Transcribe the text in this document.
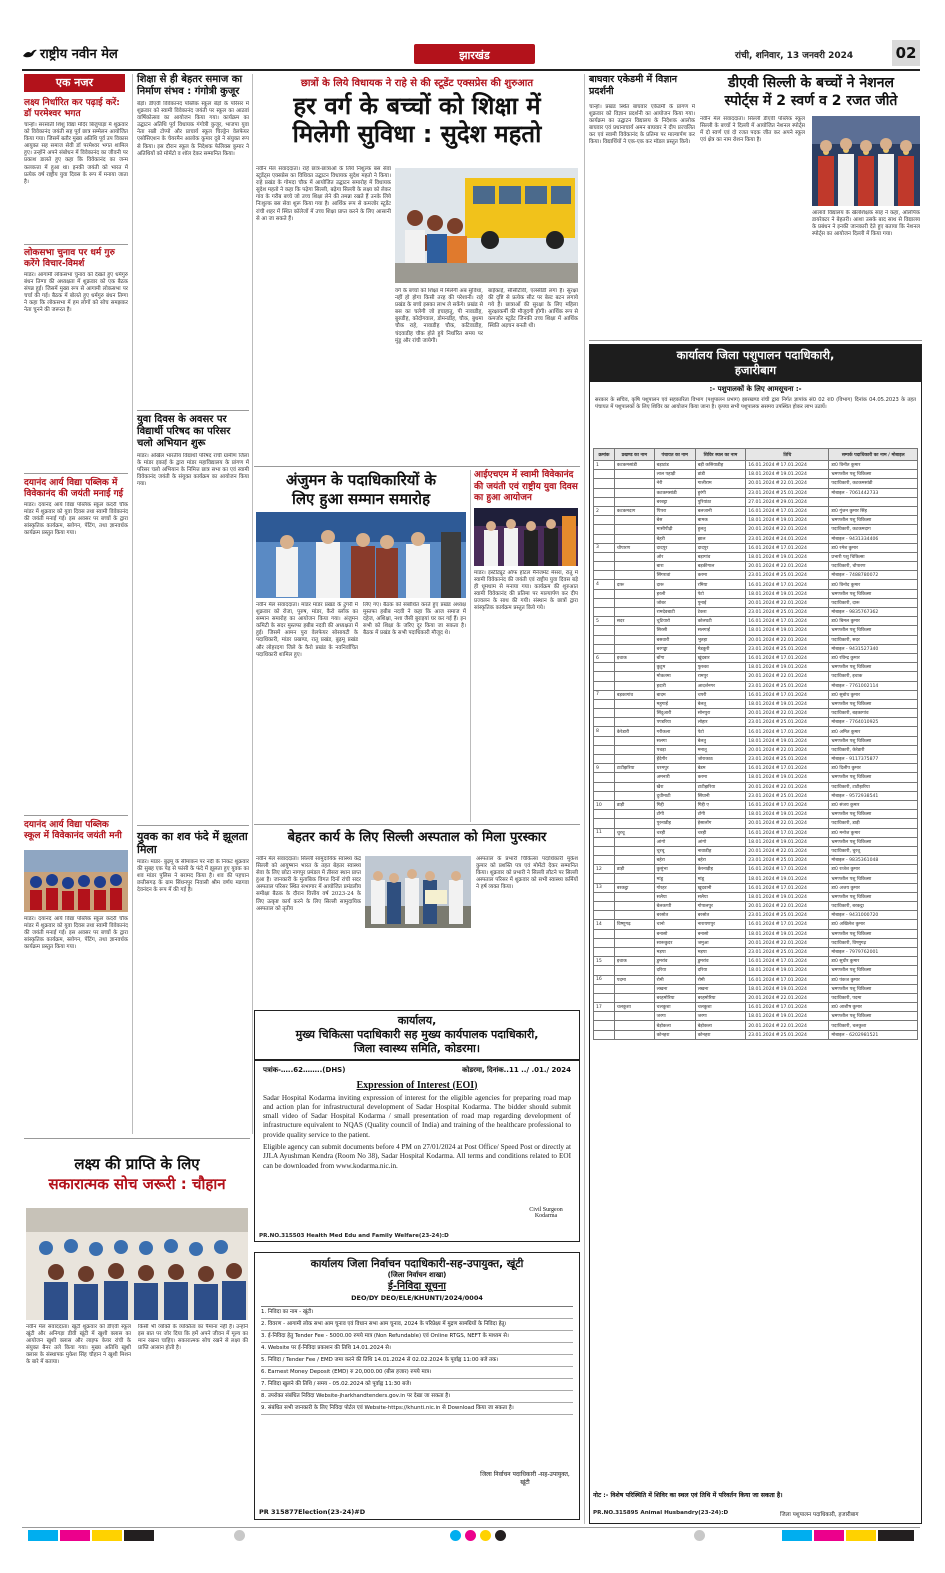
राष्ट्रीय नवीन मेल	झारखंड	रांची, शनिवार, 13 जनवरी 2024	02
एक नजर
लक्ष्य निर्धारित कर पढ़ाई करें: डॉ परमेश्वर भगत
चान्हो। सरस्वती शिशु विद्या मंदिर बिजुपाड़ा में शुक्रवार को विवेकानंद जयंती सह पूर्व छात्र सम्मेलन आयोजित किया गया। जिसमें बतौर मुख्य अतिथि पूर्व उप विकास आयुक्त सह समाज सेवी डॉ परमेश्वर भगत शामिल हुए। उन्होंने अपने संबोधन में विवेकानंद का जीवनी पर प्रकाश डालते हुए कहा कि विवेकानंद का जन्म कलकत्ता में हुआ था। इनकी जयंती को भारत में प्रत्येक वर्ष राष्ट्रीय युवा दिवस के रूप में मनाया जाता है।
लोकसभा चुनाव पर धर्म गुरु करेंगे विचार-विमर्श
मांडर। आगामी लोकसभा चुनाव को देखते हुए धर्मगुरु बंधन तिग्गा की अध्यक्षता में शुक्रवार को एक बैठक संपन्न हुई। जिसमें मुख्य रूप से आगामी लोकसभा पर चर्चा की गई। बैठक में बोलते हुए धर्मगुरु बंधन तिग्गा ने कहा कि लोकसभा में हम लोगों को सोच समझकर नेता चुनने की जरूरत है।
दयानंद आर्य विद्या पब्लिक में विवेकानंद की जयंती मनाई गई
मांडर। दयानंद आर्य विद्या पब्लिक स्कूल कंदरी चौक मांडर में शुक्रवार को युवा दिवस तथा स्वामी विवेकानंद की जयंती मनाई गई। इस अवसर पर बच्चों के द्वारा सांस्कृतिक कार्यक्रम, स्लोगन, पेंटिंग, तथा ज्ञानवर्धक कार्यक्रम प्रस्तुत किया गया।
दयानंद आर्य विद्या पब्लिक स्कूल में विवेकानंद जयंती मनी
मांडर। दयानंद आर्य विद्या पब्लिक स्कूल कंदरी चौक मांडर में शुक्रवार को युवा दिवस तथा स्वामी विवेकानंद की जयंती मनाई गई। इस अवसर पर बच्चों के द्वारा सांस्कृतिक कार्यक्रम, स्लोगन, पेंटिंग, तथा ज्ञानवर्धक कार्यक्रम प्रस्तुत किया गया।
शिक्षा से ही बेहतर समाज का निर्माण संभव : गंगोत्री कुजूर
बेड़ो। डीएवी विवेकानंद पब्लिक स्कूल बेड़ो के परिसर में शुक्रवार को स्वामी विवेकानंद जयंती पर स्कूल का आठवां वार्षिकोत्सव का आयोजन किया गया। कार्यक्रम का उद्घाटन अतिथि पूर्व विधायक गंगोत्री कुजूर, भाजपा युवा नेता सन्नी टोप्पो और प्राचार्य स्कूल चिल्ड्रेन वेलफेयर एसोसिएशन के चेयरमैन आलोक कुमार दूबे ने संयुक्त रूप से किया। इस दौरान स्कूल के निदेशक फेलिक्स कुमार ने अतिथियों को मोमेंटो व शॉल देकर सम्मानित किया।
युवा दिवस के अवसर पर विद्यार्थी परिषद का परिसर चलो अभियान शुरू
मांडर। अखिल भारतीय विद्यार्थी परिषद रांची ग्रामीण जिला के मांडर इकाई के द्वारा मांडर महाविद्यालय के प्रांगण में परिसर चलो अभियान के निमित्त छात्र सभा का एवं स्वामी विवेकानंद जयंती के संयुक्त कार्यक्रम का आयोजन किया गया।
युवक का शव फंदे में झूलता मिला
मांडर। मांडर- बुढ़मू के सीमांकन पर नदी के निकट शुक्रवार की सुबह एक पेड़ से फांसी के फंदे में झूलता हुए युवक का शव मांडर पुलिस ने बरामद किया है। शव की पहचान छत्तीसगढ़ के ग्राम सिंधनपुर निवासी श्रीम वर्णय मडगवा देवनंदन के रूप में की गई है।
छात्रों के लिये विधायक ने राहे से की स्टूडेंट एक्सप्रेस की शुरुआत
हर वर्ग के बच्चों को शिक्षा में
मिलेगी सुविधा : सुदेश महतो
नवीन मेल संवाददाता। राहे छात्र-छात्राओं के लिये निशुल्क बस सेवा स्टूडेंट्स एक्सप्रेस का विधिवत उद्घाटन विधायक सुदेश महतो ने किया। राहे प्रखंड के गोमदा चौक में आयोजित उद्घाटन समारोह में विधायक सुदेश महतो ने कहा कि पढ़ेगा सिल्ली, बढ़ेगा सिल्ली के लक्ष्य को लेकर गांव के गरीब बच्चे जो उच्च शिक्षा लेने की तमन्ना रखते हैं उनके लिये निःशुल्क बस सेवा शुरू किया गया है। आर्थिक रूप से कमजोर स्टूडेंट रांची शहर में स्थित कॉलेजों में उच्च शिक्षा प्राप्त करने के लिए आसानी से आ जा सकते हैं।
वर्ग के बच्चों को शिक्षा में मिलेगी अब सुविधा, नहीं हो होगा किसी तरह की परेशानी। राहे प्रखंड के बच्चे इसका लाभ ले सकेंगे। प्रखंड से बस का चलेगी जो इचाहातु, पी नावाडीह, बुरुडीह, कोदोगवाल, डोमनडीह, चौक, बुधमा चौक राहे, नावाडीह चौक, कटिवाडीह, चंदवाडीह चौक होते हुये निर्धारित समय पर मुंडू और रांची जायेगी।
बाईंकाई, सीसीटीवी, एलसीडी लगा है। सुरक्षा की दृष्टि से प्रत्येक सीट पर बेल्ट बटन लगाये गये हैं। छात्राओं की सुरक्षा के लिए महिला सुरक्षाकर्मी की मौजूदगी होगी। आर्थिक रूप से कमजोर स्टूडेंट जिनकी उच्च शिक्षा में आर्थिक स्थिति अड़चन बनती थी।
अंजुमन के पदाधिकारियों के
लिए हुआ सम्मान समारोह
नवीन मेल संवाददाता। मांडर मांडर प्रखंड के टुगरी में शुक्रवार को रोजा, पुरुष, मांडर, कैरो ब्लॉक का सम्मान समारोह का आयोजन किया गया। अंजुमन कमिटी के सदर मुस्तफा हबीब नदवी की अध्यक्षता में हुई। जिसमें आमन पुरा वेलफेयर सोसायटी के पदाधिकारी, मांडर प्रखण्ड, रातू प्रखंड, बुढ़मू प्रखंड और लोहरदगा जिले के कैरो प्रखंड के नवनिर्वाचित पदाधिकारी शामिल हुए।
लिए गए। बैठक को संबोधित करते हुए प्रखंड अध्यक्ष मुस्तफा हबीब नदवी ने कहा कि आज समाज में दहेज, अशिक्षा, नशा जैसी बुराइयां घर कर गई हैं। इन सभी को शिक्षा के जरिए दूर किया जा सकता है। बैठक में प्रखंड के सभी पदाधिकारी मौजूद थे।
आईएचएम में स्वामी विवेकानंद की जयंती एवं राष्ट्रीय युवा दिवस का हुआ आयोजन
मांडर। इंस्टीट्यूट ऑफ होटल मैनेजमेंट मेसरा, रातू में स्वामी विवेकानंद की जयंती एवं राष्ट्रीय युवा दिवस बड़े ही धूमधाम से मनाया गया। कार्यक्रम की शुरुआत स्वामी विवेकानंद की प्रतिमा पर माल्यार्पण कर दीप प्रज्वलन के साथ की गयी। संस्थान के छात्रों द्वारा सांस्कृतिक कार्यक्रम प्रस्तुत किये गये।
बेहतर कार्य के लिए सिल्ली अस्पताल को मिला पुरस्कार
नवीन मेल संवाददाता। सिल्ली सामुदायिक स्वास्थ्य केंद्र सिल्ली को आयुष्मान भारत के तहत बेहतर स्वास्थ्य सेवा के लिए छोटा नागपुर प्रमंडल में तीसरा स्थान प्राप्त हुआ है। जानकारी के मुताबिक विगत दिनों रांची सदर अस्पताल परिसर स्थित सभागार में आयोजित प्रमंडलीय समीक्षा बैठक के दौरान वित्तीय वर्ष 2023-24 के लिए उत्कृष्ट कार्य करने के लिए सिल्ली सामुदायिक अस्पताल को तृतीय
अस्पताल के प्रभारी चिकित्सा पदाधिकारी मुकेश कुमार को प्रशस्ति पत्र एवं मोमेंटो देकर सम्मानित किया। शुक्रवार को प्रभारी ने सिल्ली लौटने पर सिल्ली अस्पताल परिसर में शुक्रवार को सभी स्वास्थ्य कर्मियों ने हर्ष व्यक्त किया।
कार्यालय,
मुख्य चिकित्सा पदाधिकारी सह मुख्य कार्यपालक पदाधिकारी,
जिला स्वास्थ्य समिति, कोडरमा।
पत्रांक-…..62……..(DHS)	कोडरमा, दिनांक..11 ../ .01./ 2024
Expression of Interest (EOI)
Sadar Hospital Kodarma inviting expression of interest for the eligible agencies for preparing road map and action plan for infrastructural development of Sadar Hospital Kodarma. The bidder should submit small video of Sadar Hospital Kodarma / small presentation of road map regarding development of infrastructure equivalent to NQAS (Quality council of India) and training of the healthcare professional to provide quality service to the patient.
Eligible agency can submit documents before 4 PM on 27/01/2024 at Post Office/ Speed Post or directly at JJLA Ayushman Kendra (Room No 38), Sadar Hospital Kodarma. All terms and conditions related to EOI can be downloaded from www.kodarma.nic.in.
Civil Surgeon Kodarma
PR.NO.315503 Health Med Edu and Family Welfare(23-24):D
कार्यालय जिला निर्वाचन पदाधिकारी-सह-उपायुक्त, खूंटी
(जिला निर्वाचन शाखा)
ई-निविदा सूचना
DEO/DY DEO/ELE/KHUNTI/2024/0004
1. निविदा का नाम - खूंटी।
2. विवरण - आगामी लोक सभा आम चुनाव एवं विधान सभा आम चुनाव, 2024 के परिप्रेक्ष्य में मुद्रण सामग्रियों के निविदा हेतु।
3. ई-निविदा हेतु Tender Fee - 5000.00 रुपये मात्र (Non Refundable) एवं Online RTGS, NEFT के माध्यम से।
4. Website पर ई-निविदा प्रकाशन की तिथि 14.01.2024 से।
5. निविदा / Tender Fee / EMD जमा करने की तिथि 14.01.2024 से 02.02.2024 के पूर्वाह्न 11:00 बजे तक।
6. Earnest Money Deposit (EMD) रु 20,000.00 (बीस हजार) रुपये मात्र।
7. निविदा खुलने की तिथि / समय - 05.02.2024 को पूर्वाह्न 11:30 बजे।
8. उपरोक्त संबंधित निविदा Website-jharkhandtenders.gov.in पर देखा जा सकता है।
9. संबंधित सभी जानकारी के लिए निविदा पोर्टल एवं Website-https://khunti.nic.in से Download किया जा सकता है।
जिला निर्वाचन पदाधिकारी -सह-उपायुक्त, खूंटी
PR 315877Election(23-24)#D
लक्ष्य की प्राप्ति के लिए
सकारात्मक सोच जरूरी : चौहान
नवीन मेल संवाददाता। खूंटी शुक्रवार को डीएवी स्कूल खूंटी और अनिगड़ा डीवी खूंटी में खुशी क्लास का आयोजन खुशी क्लास और लाइफ केयर रांची के संयुक्त बैनर तले किया गया। मुख्य अतिथि खुशी क्लास के संस्थापक मुकेश सिंह चौहान ने खुशी मिशन के बारे में बताया।
किसी भी व्यक्ति के व्यक्तित्व का पैमाना नहीं है। उन्होंने इस बात पर जोर दिया कि हमें अपने जीवन में मूल्य का मान रखना चाहिए। सकारात्मक सोच रखने से लक्ष्य की प्राप्ति आसान होती है।
बाघवार एकेडमी में विज्ञान प्रदर्शनी
चान्हो। प्रखंड स्थित बाघवार एकेडमी के प्रांगण में शुक्रवार को विज्ञान प्रदर्शनी का आयोजन किया गया। कार्यक्रम का उद्घाटन विद्यालय के निदेशक आलोक बाघवार एवं प्रधानाचार्य अमन बाघवार ने दीप प्रज्वलित कर एवं स्वामी विवेकानंद के प्रतिमा पर माल्यार्पण कर किया। विद्यार्थियों ने एक-एक कर मॉडल प्रस्तुत किये।
डीएवी सिल्ली के बच्चों ने नेशनल
स्पोर्ट्स में 2 स्वर्ण व 2 रजत जीते
नवीन मेल संवाददाता। सिल्ली डीएवी पब्लिक स्कूल सिल्ली के बच्चों ने दिल्ली में आयोजित नेशनल स्पोर्ट्स में दो स्वर्ण एवं दो रजत पदक जीत कर अपने स्कूल एवं क्षेत्र का नाम रोशन किया है।
आलावे विद्यालय के खेलशिक्षक साह ने कहा, ओलंपिक डायरेक्टर ने बेहतरी। आशा उसके बाद साथ से विद्यालय के प्रबंधन ने इनकी जानकारी देते हुए बताया कि नेशनल स्पोर्ट्स का आयोजन दिल्ली में किया गया।
कार्यालय जिला पशुपालन पदाधिकारी,
हजारीबाग
:- पशुपालकों के लिए आमसूचना :-
सरकार के सचिव, कृषि पशुपालन एवं सहकारिता विभाग (पशुपालन प्रभाग) झारखण्ड रांची द्वारा निर्गत ज्ञापांक सं0 02 रा0 (विभाग) दिनांक 04.05.2023 के तहत पंचायत में पशुपालकों के लिए शिविर का आयोजन किया जाना है। कृपया सभी पशुपालक ससमय उपस्थित होकर लाभ उठायें।
क्रमांक	प्रखण्ड का नाम	पंचायत का नाम	शिविर स्थल का नाम	तिथि	सम्पर्क पदाधिकारी का नाम / मोबाइल
1	कटकमसांडी	बड़ाटांड	बड़ी कसियाडीह	16.01.2024 से 17.01.2024	डा0 विनीत कुमार
		लाल पहाड़ी	डांडी	18.01.2024 से 19.01.2024	भ्रमणशील पशु चिकित्सा
		नेरी	गालीराम	20.01.2024 से 22.01.2024	पदाधिकारी, कटकमसांडी
		कटकमसांडी	हुरंगी	23.01.2024 से 25.01.2024	मोबाइल - 7061442733
		बरबट्टा	पुरियांठा	27.01.2024 से 29.01.2024	
2	कटकमदाग	पिपरा	बलजानी	16.01.2024 से 17.01.2024	डा0 गुंजन कुमार सिंह
		बेस	बामक	18.01.2024 से 19.01.2024	भ्रमणशील पशु चिकित्सा
		मासीपीढ़ी	हुलतु	20.01.2024 से 22.01.2024	पदाधिकारी, कटकमदाग
		बेहरी	झाल	23.01.2024 से 24.01.2024	मोबाइल - 9431334406
3	चौपारण	दादपुर	दादपुर	16.01.2024 से 17.01.2024	डा0 रमेश कुमार
		ओर	बड़ागांव	18.01.2024 से 19.01.2024	प्रभारी पशु चिकित्सा
		बारा	बड़कीगाल	20.01.2024 से 22.01.2024	पदाधिकारी, चौपारण
		सिंगरावां	करमा	23.01.2024 से 25.01.2024	मोबाइल - 7488780072
4	दारू	दारू	रमिया	16.01.2024 से 17.01.2024	डा0 विनोद कुमार
		हरली	पेटो	18.01.2024 से 19.01.2024	भ्रमणशील पशु चिकित्सा
		जोबर	पुनाई	20.01.2024 से 22.01.2024	पदाधिकारी, दारू
		रामदेवबाटी	टेकरा	23.01.2024 से 25.01.2024	मोबाइल - 9835767362
5	सदर	चुटियारो	कोलघटी	16.01.2024 से 17.01.2024	डा0 बिमल कुमार
		सिरसी	सलगाई	18.01.2024 से 19.01.2024	भ्रमणशील पशु चिकित्सा
		बसवारी	भुतहा	20.01.2024 से 22.01.2024	पदाधिकारी, सदर
		बरगड्डा	मेडकुरी	23.01.2024 से 25.01.2024	मोबाइल - 9431527340
6	इचाक	बोंगा	खुंदबार	16.01.2024 से 17.01.2024	डा0 रविन्द्र कुमार
		कुटुम	फुरुका	18.01.2024 से 19.01.2024	भ्रमणशील पशु चिकित्सा
		मोकतमा	रामपुर	20.01.2024 से 22.01.2024	पदाधिकारी, इचाक
		हदारी	आदर्शनगर	23.01.2024 से 25.01.2024	मोबाइल - 7761002114
7	बड़कागांव	बादम	चपरी	16.01.2024 से 17.01.2024	डा0 सुबोध कुमार
		महुगाई	बेलतू	18.01.2024 से 19.01.2024	भ्रमणशील पशु चिकित्सा
		सिंदुआरी	सोनपुरा	20.01.2024 से 22.01.2024	पदाधिकारी, बड़कागांव
		पण्डरिया	लोहार	23.01.2024 से 25.01.2024	मोबाइल - 7764010925
8	केरेडारी	गरीकला	पेटो	16.01.2024 से 17.01.2024	डा0 अमित कुमार
		सलगा	बेलतु	18.01.2024 से 19.01.2024	भ्रमणशील पशु चिकित्सा
		पचड़ा	मनातू	20.01.2024 से 22.01.2024	पदाधिकारी, केरेडारी
		हेंदेगीर	जोराकाठ	23.01.2024 से 25.01.2024	मोबाइल - 9117375877
9	टाटीझरिया	धरमपुर	बेडम	16.01.2024 से 17.01.2024	डा0 दिलीप कुमार
		अमनारी	करमा	18.01.2024 से 19.01.2024	भ्रमणशील पशु चिकित्सा
		खैरा	टाटीझरिया	20.01.2024 से 22.01.2024	पदाधिकारी, टाटीझरिया
		दुधीमाटी	सिंघानी	23.01.2024 से 25.01.2024	मोबाइल - 9572938541
10	डाड़ी	गिद्दी	गिद्दी ए	16.01.2024 से 17.01.2024	डा0 संजय कुमार
		टोंगी	टोंगी	18.01.2024 से 19.01.2024	भ्रमणशील पशु चिकित्सा
		पुरनाडीह	हेसालोंग	20.01.2024 से 22.01.2024	पदाधिकारी, डाड़ी
11	चुरचू	चरही	चरही	16.01.2024 से 17.01.2024	डा0 मनोज कुमार
		आंगो	आंगो	18.01.2024 से 19.01.2024	भ्रमणशील पशु चिकित्सा
		चुरचू	नावाडीह	20.01.2024 से 22.01.2024	पदाधिकारी, चुरचू
		बहेरा	बहेरा	23.01.2024 से 25.01.2024	मोबाइल - 9835361048
12	डाड़ी	कुसुंभा	केरनाड़ीह	16.01.2024 से 17.01.2024	डा0 राजेश कुमार
		मांडू	मांडू	18.01.2024 से 19.01.2024	भ्रमणशील पशु चिकित्सा
13	बरकट्ठा	गोरहर	खुदवानी	16.01.2024 से 17.01.2024	डा0 अजय कुमार
		सलैया	सलैया	18.01.2024 से 19.01.2024	भ्रमणशील पशु चिकित्सा
		बेलकप्पी	गोपालपुर	20.01.2024 से 22.01.2024	पदाधिकारी, बरकट्ठा
		बरसोत	बरसोत	23.01.2024 से 25.01.2024	मोबाइल - 9431000720
14	विष्णुगढ़	चानो	नारायणपुर	16.01.2024 से 17.01.2024	डा0 अखिलेश कुमार
		बनासो	बनासो	18.01.2024 से 19.01.2024	भ्रमणशील पशु चिकित्सा
		सारूकुदर	जमुआ	20.01.2024 से 22.01.2024	पदाधिकारी, विष्णुगढ़
		मड़पा	मड़पा	23.01.2024 से 25.01.2024	मोबाइल - 7979762001
15	इचाक	डुमरांव	डुमरांव	16.01.2024 से 17.01.2024	डा0 सुधीर कुमार
		दरिया	दरिया	18.01.2024 से 19.01.2024	भ्रमणशील पशु चिकित्सा
16	पदमा	रोमी	रोमी	16.01.2024 से 17.01.2024	डा0 पंकज कुमार
		लखना	लखना	18.01.2024 से 19.01.2024	भ्रमणशील पशु चिकित्सा
		बरहमोरिया	बरहमोरिया	20.01.2024 से 22.01.2024	पदाधिकारी, पदमा
17	चलकुशा	चलकुशा	चलकुशा	16.01.2024 से 17.01.2024	डा0 आशीष कुमार
		जरगा	जरगा	18.01.2024 से 19.01.2024	भ्रमणशील पशु चिकित्सा
		बेड़ोकला	बेड़ोकला	20.01.2024 से 22.01.2024	पदाधिकारी, चलकुशा
		कोनहरा	कोनहरा	23.01.2024 से 25.01.2024	मोबाइल - 6202981521
नोट :- विशेष परिस्थिति में शिविर का स्थल एवं तिथि में परिवर्तन किया जा सकता है।
PR.NO.315895 Animal Husbandry(23-24):D	जिला पशुपालन पदाधिकारी, हजारीबाग
